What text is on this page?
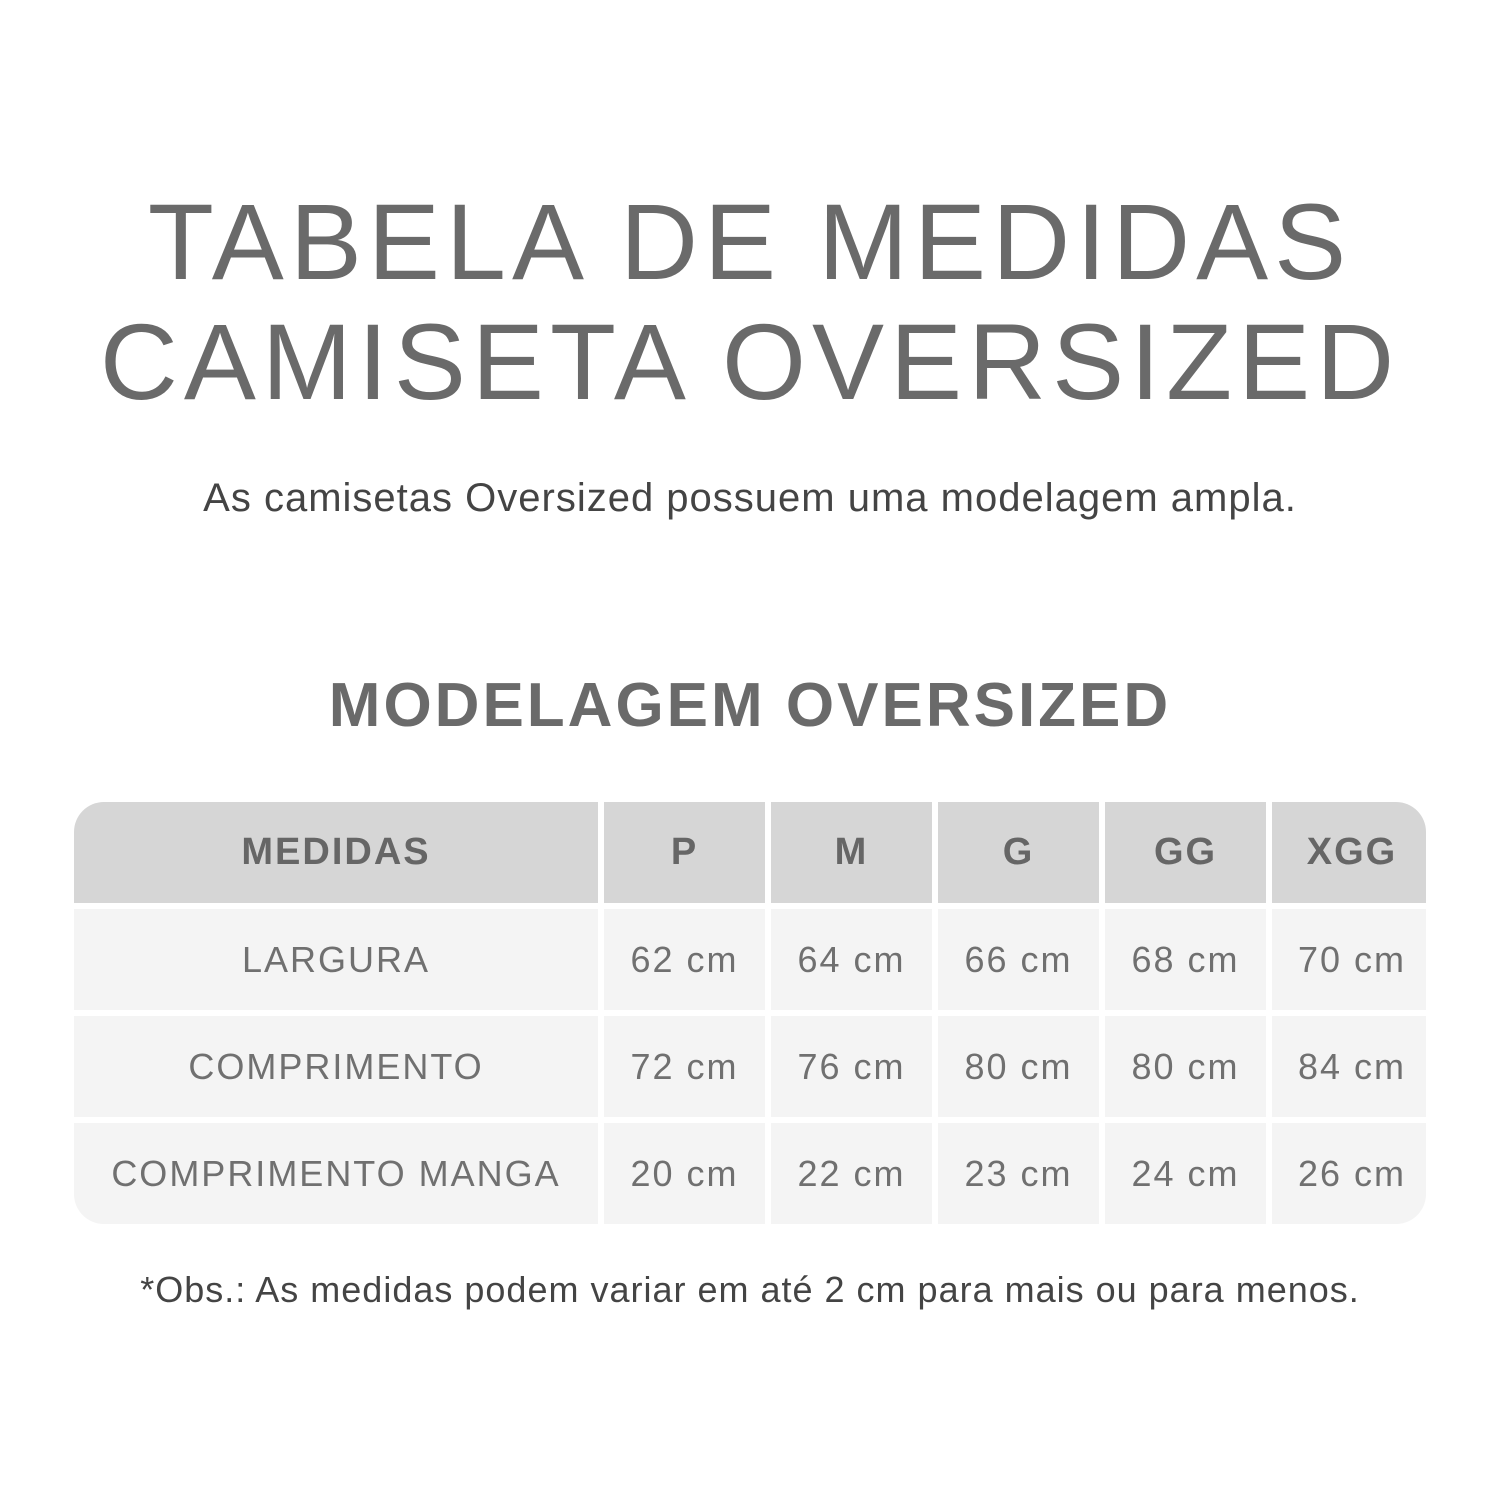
TABELA DE MEDIDAS
CAMISETA OVERSIZED
As camisetas Oversized possuem uma modelagem ampla.
MODELAGEM OVERSIZED
MEDIDAS	P	M	G	GG	XGG
LARGURA	62 cm	64 cm	66 cm	68 cm	70 cm
COMPRIMENTO	72 cm	76 cm	80 cm	80 cm	84 cm
COMPRIMENTO MANGA	20 cm	22 cm	23 cm	24 cm	26 cm
*Obs.: As medidas podem variar em até 2 cm para mais ou para menos.
